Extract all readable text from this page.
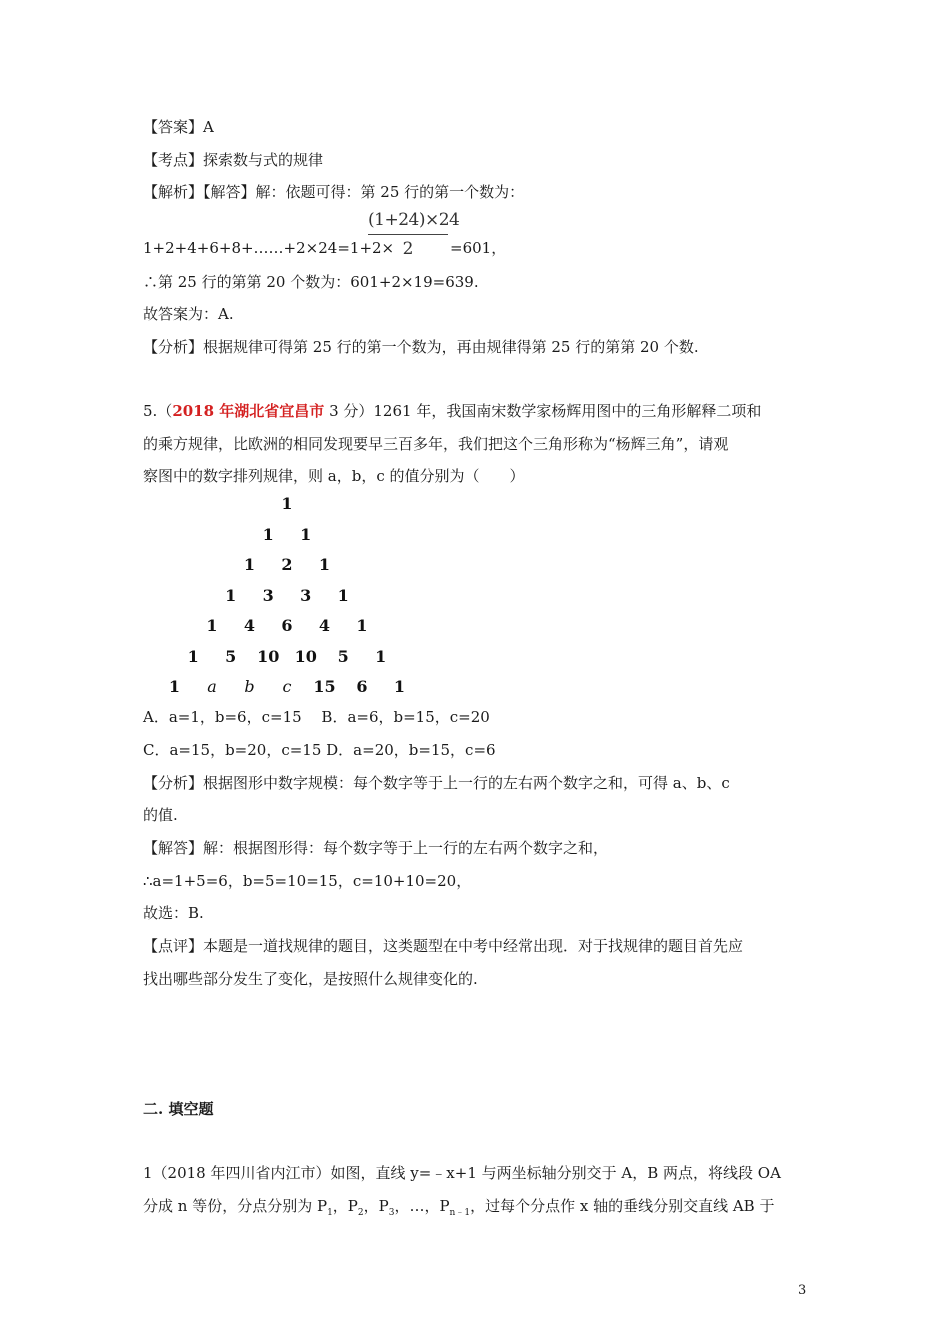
【答案】A
【考点】探索数与式的规律
【解析】【解答】解：依题可得：第 25 行的第一个数为：
1+2+4+6+8+……+2×24=1+2×
(1+24)×24
2	=601，
∴第 25 行的第第 20 个数为：601+2×19=639.
故答案为：A.
【分析】根据规律可得第 25 行的第一个数为，再由规律得第 25 行的第第 20 个数.
5.（2018 年湖北省宜昌市 3 分）1261 年，我国南宋数学家杨辉用图中的三角形解释二项和
的乘方规律，比欧洲的相同发现要早三百多年，我们把这个三角形称为“杨辉三角”，请观
察图中的数字排列规律，则 a，b，c 的值分别为（　　）
1
1	1
1	2	1
1	3	3	1
1	4	6	4	1
1	5	10 10	5	1
1	a	b	c	15	6	1
A．a=1，b=6，c=15　 B．a=6，b=15，c=20
C．a=15，b=20，c=15 D．a=20，b=15，c=6
【分析】根据图形中数字规模：每个数字等于上一行的左右两个数字之和，可得 a、b、c
的值.
【解答】解：根据图形得：每个数字等于上一行的左右两个数字之和，
∴a=1+5=6，b=5=10=15，c=10+10=20，
故选：B.
【点评】本题是一道找规律的题目，这类题型在中考中经常出现．对于找规律的题目首先应
找出哪些部分发生了变化，是按照什么规律变化的.
二. 填空题
1（2018 年四川省内江市）如图，直线 y=﹣x+1 与两坐标轴分别交于 A，B 两点，将线段 OA
分成 n 等份，分点分别为 $P_1$，$P_2$，$P_3$，…，$P_{n﹣1}$，过每个分点作 x 轴的垂线分别交直线 AB 于
3
